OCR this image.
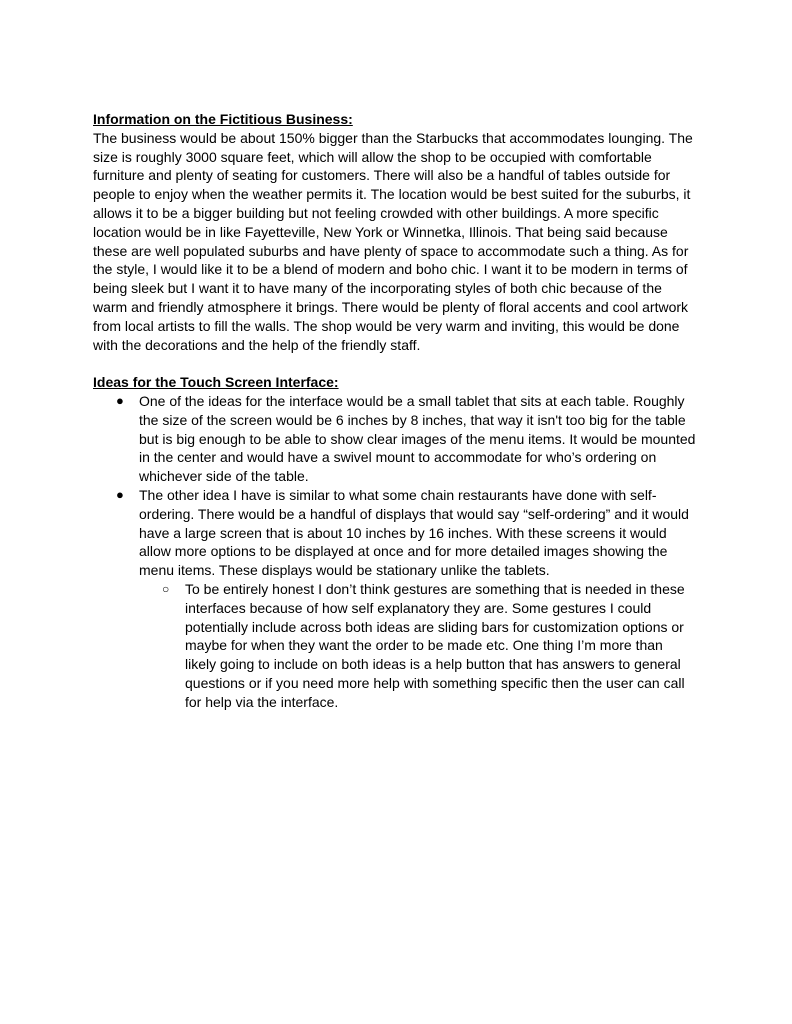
Information on the Fictitious Business:

The business would be about 150% bigger than the Starbucks that accommodates lounging. The size is roughly 3000 square feet, which will allow the shop to be occupied with comfortable furniture and plenty of seating for customers. There will also be a handful of tables outside for people to enjoy when the weather permits it. The location would be best suited for the suburbs, it allows it to be a bigger building but not feeling crowded with other buildings. A more specific location would be in like Fayetteville, New York or Winnetka, Illinois. That being said because these are well populated suburbs and have plenty of space to accommodate such a thing. As for the style, I would like it to be a blend of modern and boho chic. I want it to be modern in terms of being sleek but I want it to have many of the incorporating styles of both chic because of the warm and friendly atmosphere it brings. There would be plenty of floral accents and cool artwork from local artists to fill the walls. The shop would be very warm and inviting, this would be done with the decorations and the help of the friendly staff.

Ideas for the Touch Screen Interface:

● One of the ideas for the interface would be a small tablet that sits at each table. Roughly the size of the screen would be 6 inches by 8 inches, that way it isn't too big for the table but is big enough to be able to show clear images of the menu items. It would be mounted in the center and would have a swivel mount to accommodate for who’s ordering on whichever side of the table.
● The other idea I have is similar to what some chain restaurants have done with self-ordering. There would be a handful of displays that would say “self-ordering” and it would have a large screen that is about 10 inches by 16 inches. With these screens it would allow more options to be displayed at once and for more detailed images showing the menu items. These displays would be stationary unlike the tablets.
○ To be entirely honest I don’t think gestures are something that is needed in these interfaces because of how self explanatory they are. Some gestures I could potentially include across both ideas are sliding bars for customization options or maybe for when they want the order to be made etc. One thing I’m more than likely going to include on both ideas is a help button that has answers to general questions or if you need more help with something specific then the user can call for help via the interface.
